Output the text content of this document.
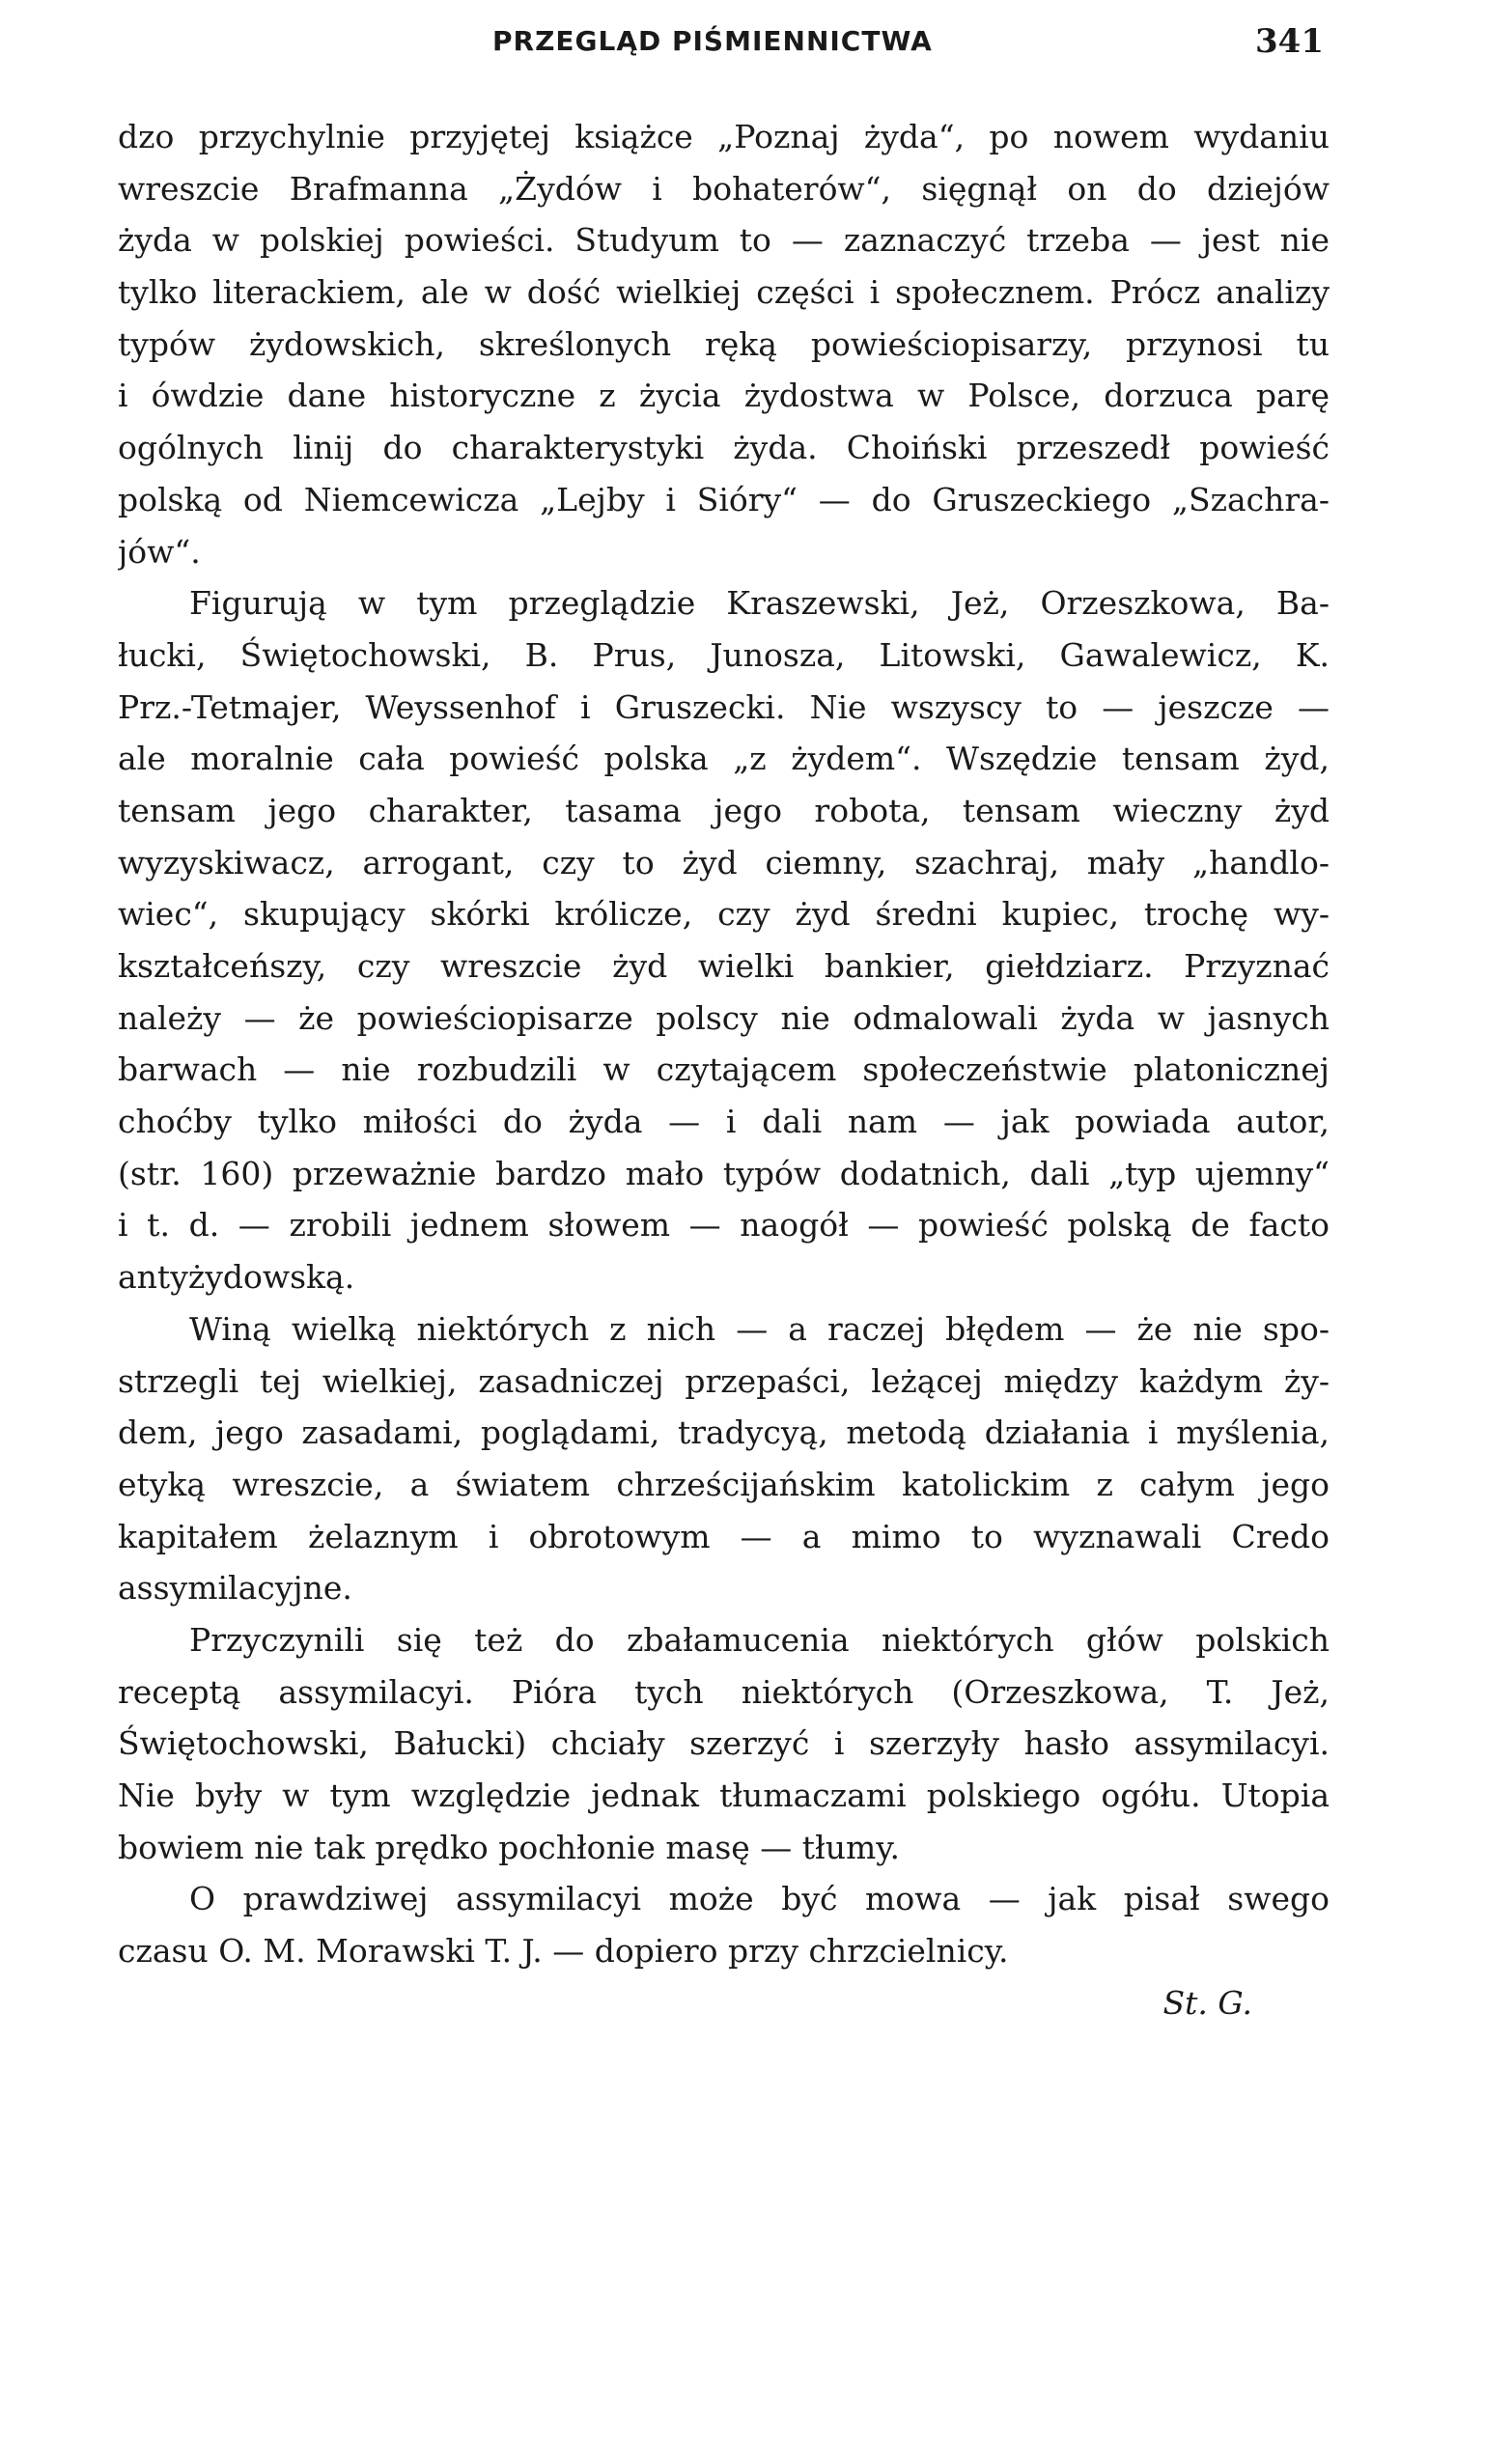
PRZEGLĄD PIŚMIENNICTWA	341
dzo przychylnie przyjętej książce „Poznaj żyda“, po nowem wydaniu
wreszcie Brafmanna „Żydów i bohaterów“, sięgnął on do dziejów
żyda w polskiej powieści. Studyum to — zaznaczyć trzeba — jest nie
tylko literackiem, ale w dość wielkiej części i społecznem. Prócz analizy
typów żydowskich, skreślonych ręką powieściopisarzy, przynosi tu
i ówdzie dane historyczne z życia żydostwa w Polsce, dorzuca parę
ogólnych linij do charakterystyki żyda. Choiński przeszedł powieść
polską od Niemcewicza „Lejby i Sióry“ — do Gruszeckiego „Szachra-
jów“.
Figurują w tym przeglądzie Kraszewski, Jeż, Orzeszkowa, Ba-
łucki, Świętochowski, B. Prus, Junosza, Litowski, Gawalewicz, K.
Prz.-Tetmajer, Weyssenhof i Gruszecki. Nie wszyscy to — jeszcze —
ale moralnie cała powieść polska „z żydem“. Wszędzie tensam żyd,
tensam jego charakter, tasama jego robota, tensam wieczny żyd
wyzyskiwacz, arrogant, czy to żyd ciemny, szachraj, mały „handlo-
wiec“, skupujący skórki królicze, czy żyd średni kupiec, trochę wy-
kształceńszy, czy wreszcie żyd wielki bankier, giełdziarz. Przyznać
należy — że powieściopisarze polscy nie odmalowali żyda w jasnych
barwach — nie rozbudzili w czytającem społeczeństwie platonicznej
choćby tylko miłości do żyda — i dali nam — jak powiada autor,
(str. 160) przeważnie bardzo mało typów dodatnich, dali „typ ujemny“
i t. d. — zrobili jednem słowem — naogół — powieść polską de facto
antyżydowską.
Winą wielką niektórych z nich — a raczej błędem — że nie spo-
strzegli tej wielkiej, zasadniczej przepaści, leżącej między każdym ży-
dem, jego zasadami, poglądami, tradycyą, metodą działania i myślenia,
etyką wreszcie, a światem chrześcijańskim katolickim z całym jego
kapitałem żelaznym i obrotowym — a mimo to wyznawali Credo
assymilacyjne.
Przyczynili się też do zbałamucenia niektórych głów polskich
receptą assymilacyi. Pióra tych niektórych (Orzeszkowa, T. Jeż,
Świętochowski, Bałucki) chciały szerzyć i szerzyły hasło assymilacyi.
Nie były w tym względzie jednak tłumaczami polskiego ogółu. Utopia
bowiem nie tak prędko pochłonie masę — tłumy.
O prawdziwej assymilacyi może być mowa — jak pisał swego
czasu O. M. Morawski T. J. — dopiero przy chrzcielnicy.
St. G.
